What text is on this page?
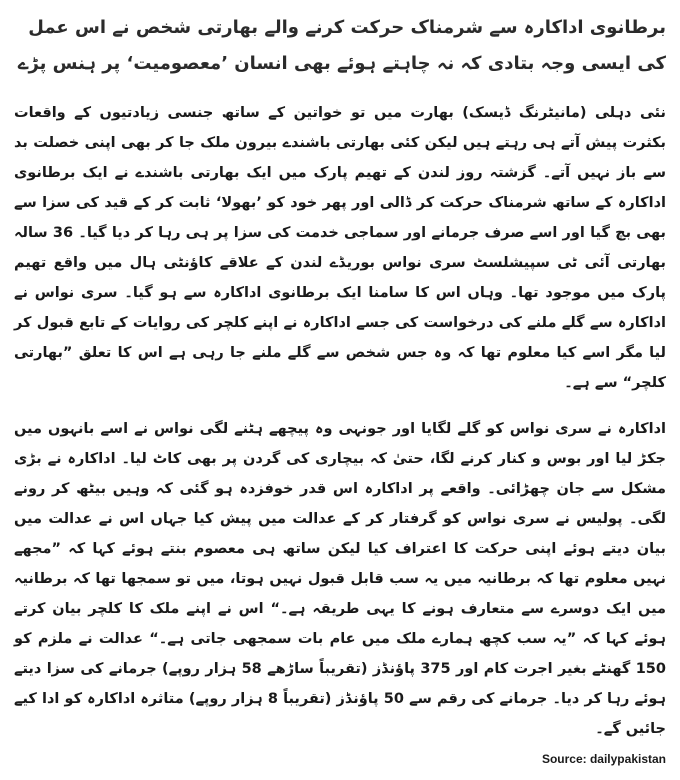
برطانوی اداکارہ سے شرمناک حرکت کرنے والے بھارتی شخص نے اس عمل کی ایسی وجہ بتادی کہ نہ چاہتے ہوئے بھی انسان ’معصومیت‘ پر ہنس پڑے

نئی دہلی (مانیٹرنگ ڈیسک) بھارت میں تو خواتین کے ساتھ جنسی زیادتیوں کے واقعات بکثرت پیش آتے ہی رہتے ہیں لیکن کئی بھارتی باشندے بیرون ملک جا کر بھی اپنی خصلت بد سے باز نہیں آتے۔ گزشتہ روز لندن کے تھیم پارک میں ایک بھارتی باشندے نے ایک برطانوی اداکارہ کے ساتھ شرمناک حرکت کر ڈالی اور پھر خود کو ’بھولا‘ ثابت کر کے قید کی سزا سے بھی بچ گیا اور اسے صرف جرمانے اور سماجی خدمت کی سزا پر ہی رہا کر دیا گیا۔ 36 سالہ بھارتی آئی ٹی سپیشلسٹ سری نواس بوریڈے لندن کے علاقے کاؤنٹی ہال میں واقع تھیم پارک میں موجود تھا۔ وہاں اس کا سامنا ایک برطانوی اداکارہ سے ہو گیا۔ سری نواس نے اداکارہ سے گلے ملنے کی درخواست کی جسے اداکارہ نے اپنے کلچر کی روایات کے تابع قبول کر لیا مگر اسے کیا معلوم تھا کہ وہ جس شخص سے گلے ملنے جا رہی ہے اس کا تعلق ”بھارتی کلچر“ سے ہے۔

اداکارہ نے سری نواس کو گلے لگایا اور جونہی وہ پیچھے ہٹنے لگی نواس نے اسے بانہوں میں جکڑ لیا اور بوس و کنار کرنے لگا، حتیٰ کہ بیچاری کی گردن پر بھی کاٹ لیا۔ اداکارہ نے بڑی مشکل سے جان چھڑائی۔ واقعے پر اداکارہ اس قدر خوفزدہ ہو گئی کہ وہیں بیٹھ کر رونے لگی۔ پولیس نے سری نواس کو گرفتار کر کے عدالت میں پیش کیا جہاں اس نے عدالت میں بیان دیتے ہوئے اپنی حرکت کا اعتراف کیا لیکن ساتھ ہی معصوم بنتے ہوئے کہا کہ ”مجھے نہیں معلوم تھا کہ برطانیہ میں یہ سب قابل قبول نہیں ہوتا، میں تو سمجھا تھا کہ برطانیہ میں ایک دوسرے سے متعارف ہونے کا یہی طریقہ ہے۔“ اس نے اپنے ملک کا کلچر بیان کرتے ہوئے کہا کہ ”یہ سب کچھ ہمارے ملک میں عام بات سمجھی جاتی ہے۔“ عدالت نے ملزم کو 150 گھنٹے بغیر اجرت کام اور 375 پاؤنڈز (تقریباً ساڑھے 58 ہزار روپے) جرمانے کی سزا دیتے ہوئے رہا کر دیا۔ جرمانے کی رقم سے 50 پاؤنڈز (تقریباً 8 ہزار روپے) متاثرہ اداکارہ کو ادا کیے جائیں گے۔

Source: dailypakistan
